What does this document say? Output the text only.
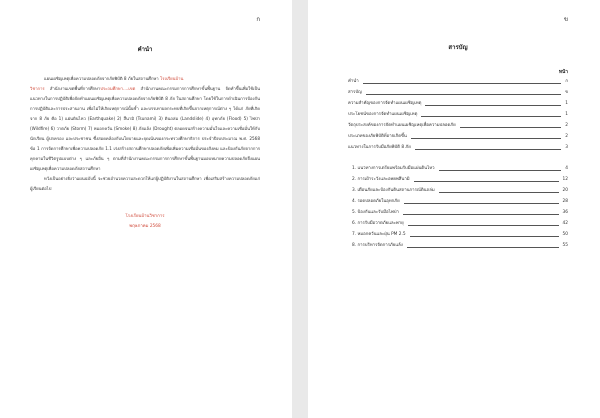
ก
คำนำ

แผนเผชิญเหตุเพื่อความปลอดภัยจากภัยพิบัติ 8 ภัยในสถานศึกษา โรงเรียนบ้าน
วิชาการ สำนักงานเขตพื้นที่การศึกษาประถมศึกษา....เขต สำนักงานคณะกรรมการการศึกษาขั้นพื้นฐาน จัดทำขึ้นเพื่อใช้เป็นแนวทางในการปฏิบัติเพื่อจัดทำแผนเผชิญเหตุเพื่อความปลอดภัยจากภัยพิบัติ 8 ภัย ในสถานศึกษา โดยใช้ในการดำเนินการป้องกัน การปฏิบัติและการประสานงาน เพื่อไม่ให้เกิดเหตุการณ์นั้นซ้ำ และบรรเทาผลกระทบที่เกิดขึ้นจากเหตุการณ์ต่าง ๆ ได้แก่ ภัยที่เกิดจาก 8 ภัย คือ 1) แผ่นดินไหว (Earthquake) 2) สึนามิ (Tsunami) 3) ดินถล่ม (Landslide) 4) อุทกภัย (Flood) 5) ไฟป่า (Wildfire) 6) วาตภัย (Storm) 7) หมอกควัน (Smoke) 8) ภัยแล้ง (Drought) ตลอดจนสร้างความมั่นใจและความเชื่อมั่นให้กับนักเรียน ผู้ปกครอง และประชาชน ซึ่งสอดคล้องกับนโยบายและจุดเน้นของกระทรวงศึกษาธิการ ประจำปีงบประมาณ พ.ศ. 2568 ข้อ 1 การจัดการศึกษาเพื่อความปลอดภัย 1.1 เร่งสร้างสถานศึกษาปลอดภัยเพื่อเพิ่มความเชื่อมั่นของสังคม และป้องกันภัยจากการคุกคามในชีวิตรูปแบบต่าง ๆ และภัยอื่น ๆ ตามที่สำนักงานคณะกรรมการการศึกษาขั้นพื้นฐานมอบหมายความปลอดภัยจึงแผนเผชิญเหตุเพื่อความปลอดภัยสถานศึกษา

หวังเป็นอย่างยิ่งว่าแผนฉบับนี้ จะช่วยอำนวยความสะดวกให้แก่ผู้ปฏิบัติงานในสถานศึกษา เพื่อเสริมสร้างความปลอดภัยแก่ผู้เรียนต่อไป

โรงเรียนบ้านวิชาการ
พฤษภาคม 2568
ข
สารบัญ
หน้า
คำนำ	ก
สารบัญ	ข
ความสำคัญของการจัดทำแผนเผชิญเหตุ	1
ประโยชน์ของการจัดทำแผนเผชิญเหตุ	1
วัตถุประสงค์ของการจัดทำแผนเผชิญเหตุเพื่อความปลอดภัย	2
ประเภทของภัยพิบัติที่อาจเกิดขึ้น	2
แนวทางในการรับมือภัยพิบัติ 8 ภัย	3
1. แนวทางการเตรียมพร้อมรับมือแผ่นดินไหว	4
2. การเฝ้าระวังและอพยพสึนามิ	12
3. เตือนภัยและป้องกันดินสถานการณ์ดินถล่ม	20
4. รอดปลอดภัยในอุทกภัย	28
5. ป้องกันและรับมือไฟป่า	36
6. การรับมือวาตภัยและพายุ	42
7. หมอกควันและฝุ่น PM 2.5	50
8. การบริหารจัดการภัยแล้ง	55
